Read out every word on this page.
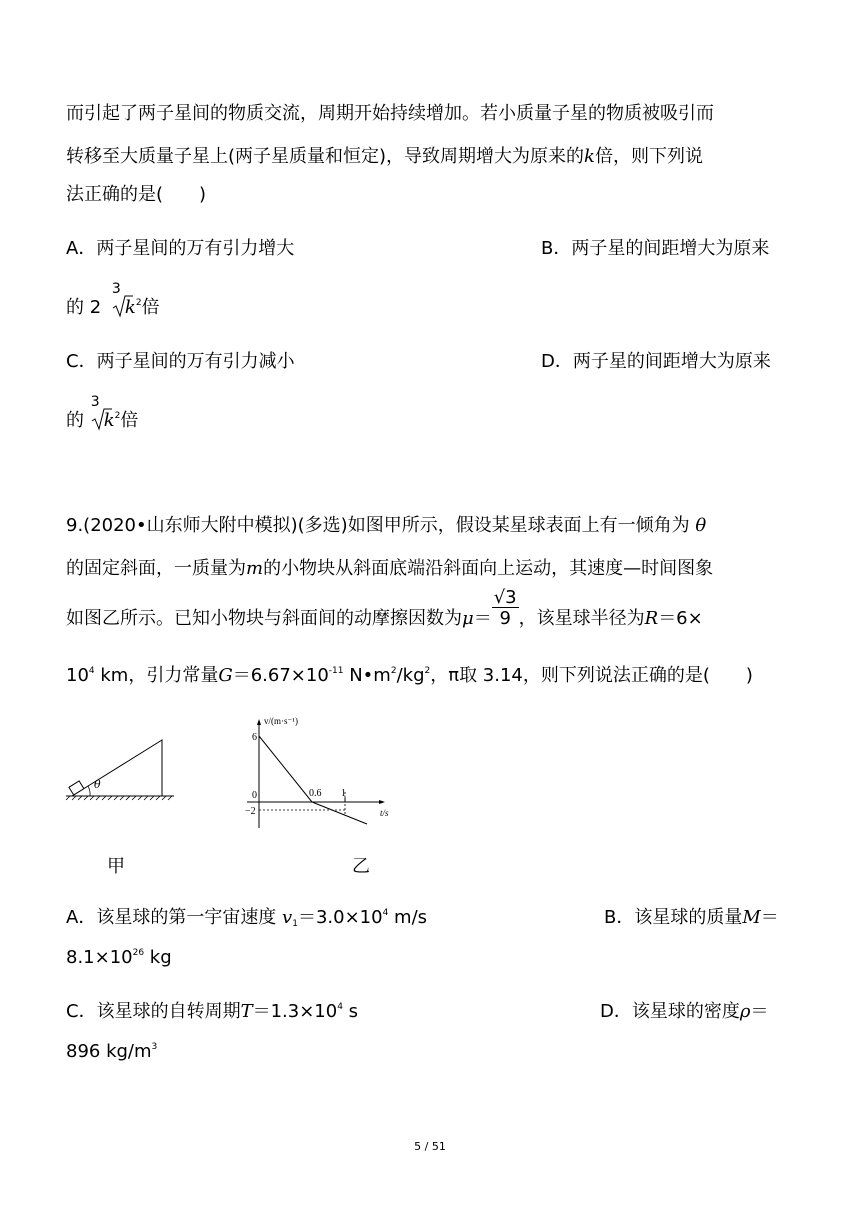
而引起了两子星间的物质交流，周期开始持续增加。若小质量子星的物质被吸引而
转移至大质量子星上(两子星质量和恒定)，导致周期增大为原来的k倍，则下列说
法正确的是(　　)
A．两子星间的万有引力增大	B．两子星的间距增大为原来
的 2
3
$k^2$倍
C．两子星间的万有引力减小	D．两子星的间距增大为原来
的
3
$k^2$倍
9.(2020•山东师大附中模拟)(多选)如图甲所示，假设某星球表面上有一倾角为 θ
的固定斜面，一质量为m的小物块从斜面底端沿斜面向上运动，其速度—时间图象
如图乙所示。已知小物块与斜面间的动摩擦因数为$\mu= \frac{√3}{9}$ ，该星球半径为R＝6×
$10^4$ km，引力常量$G=6.67\times 10^{-11}$ $N•m^2/kg^2$，π取 3.14，则下列说法正确的是(　　)
θ
v/(m·s⁻¹)
t/s
6
0
−2
0.6 1
甲	乙
A．该星球的第一宇宙速度 $v_1=3.0\times 10^4$ m/s	B．该星球的质量M＝
$8.1\times 10^{26}$ kg
C．该星球的自转周期$T=1.3\times 10^4$ s	D．该星球的密度ρ＝
896 $kg/m^3$
5 / 51
